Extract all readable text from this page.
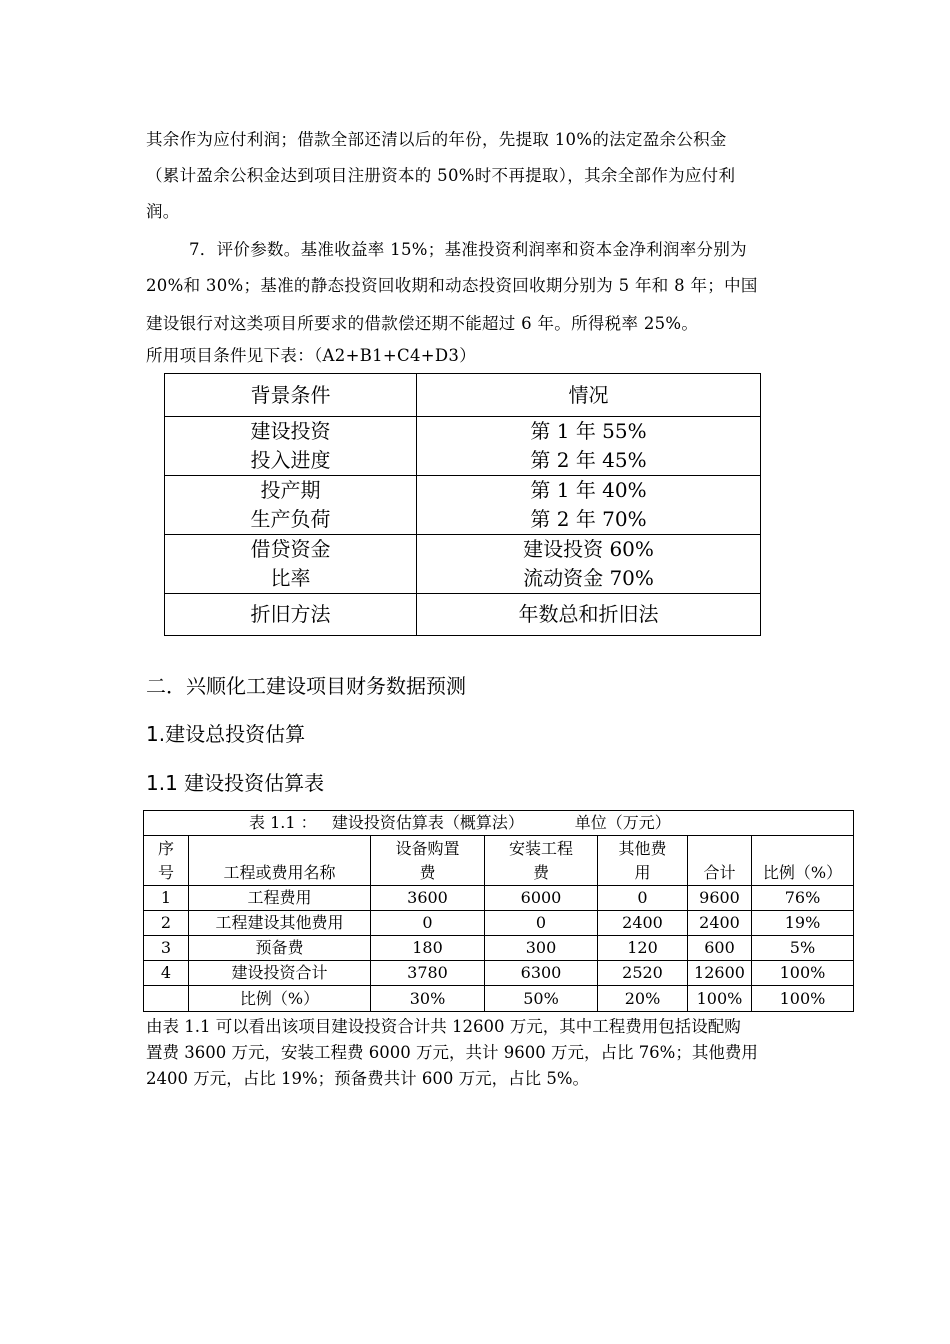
其余作为应付利润；借款全部还清以后的年份，先提取 10%的法定盈余公积金
（累计盈余公积金达到项目注册资本的 50%时不再提取），其余全部作为应付利
润。
7．评价参数。基准收益率 15%；基准投资利润率和资本金净利润率分别为
20%和 30%；基准的静态投资回收期和动态投资回收期分别为 5 年和 8 年；中国
建设银行对这类项目所要求的借款偿还期不能超过 6 年。所得税率 25%。
所用项目条件见下表：（A2+B1+C4+D3）
背景条件	情况

建设投资
投入进度	第 1 年 55%
第 2 年 45%

投产期
生产负荷	第 1 年 40%
第 2 年 70%

借贷资金
比率	建设投资 60%
流动资金 70%

折旧方法	年数总和折旧法
二．兴顺化工建设项目财务数据预测
1.建设总投资估算
1.1 建设投资估算表
表 1.1 ：   建设投资估算表（概算法）          单位（万元）						

序
号	工程或费用名称	设备购置
费	安装工程
费	其他费
用	合计	比例（%）
1	工程费用	3600	6000	0	9600	76%
2	工程建设其他费用	0	0	2400	2400	19%
3	预备费	180	300	120	600	5%
4	建设投资合计	3780	6300	2520	12600	100%
	比例（%）	30%	50%	20%	100%	100%
由表 1.1 可以看出该项目建设投资合计共 12600 万元，其中工程费用包括设配购
置费 3600 万元，安装工程费 6000 万元，共计 9600 万元，占比 76%；其他费用
2400 万元，占比 19%；预备费共计 600 万元，占比 5%。
